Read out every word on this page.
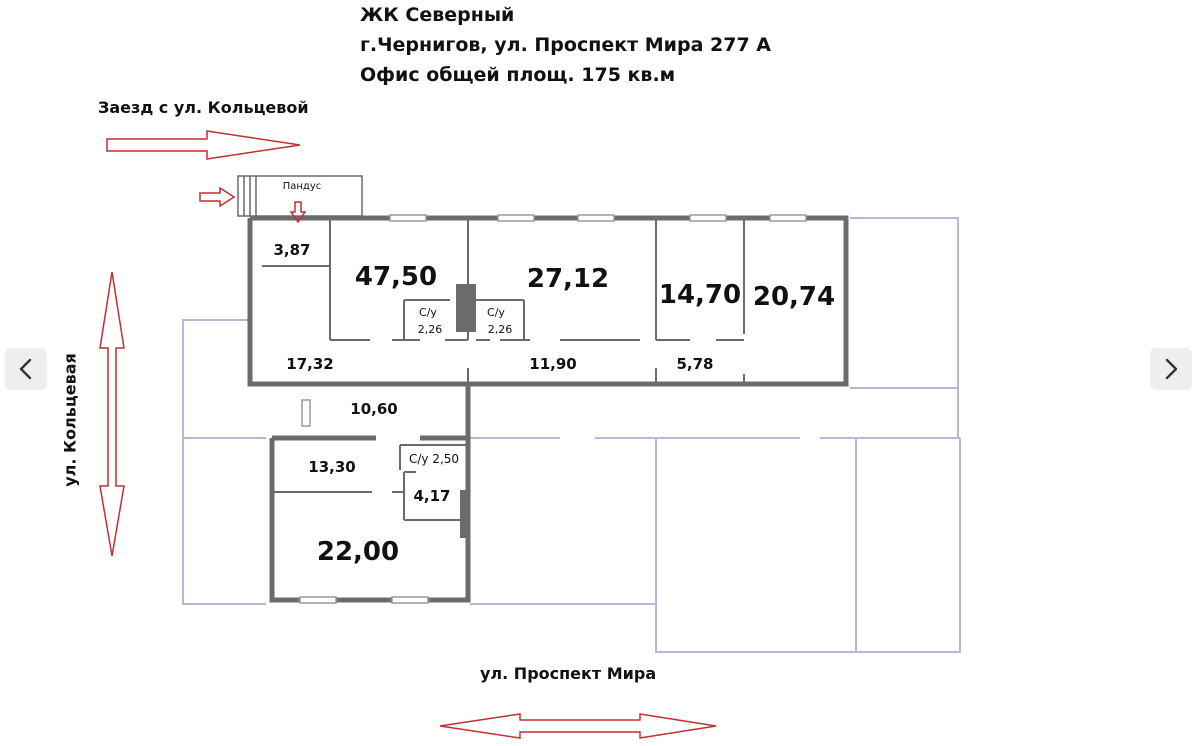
ЖК Северный
г.Чернигов, ул. Проспект Мира 277 А
Офис общей площ. 175 кв.м
Заезд с ул. Кольцевой
ул. Проспект Мира
ул. Кольцевая
Пандус
3,87
47,50	27,12
14,70 20,74
С/у
2,26
С/у
2,26
17,32	11,90	5,78
10,60
13,30	С/у 2,50
4,17
22,00
